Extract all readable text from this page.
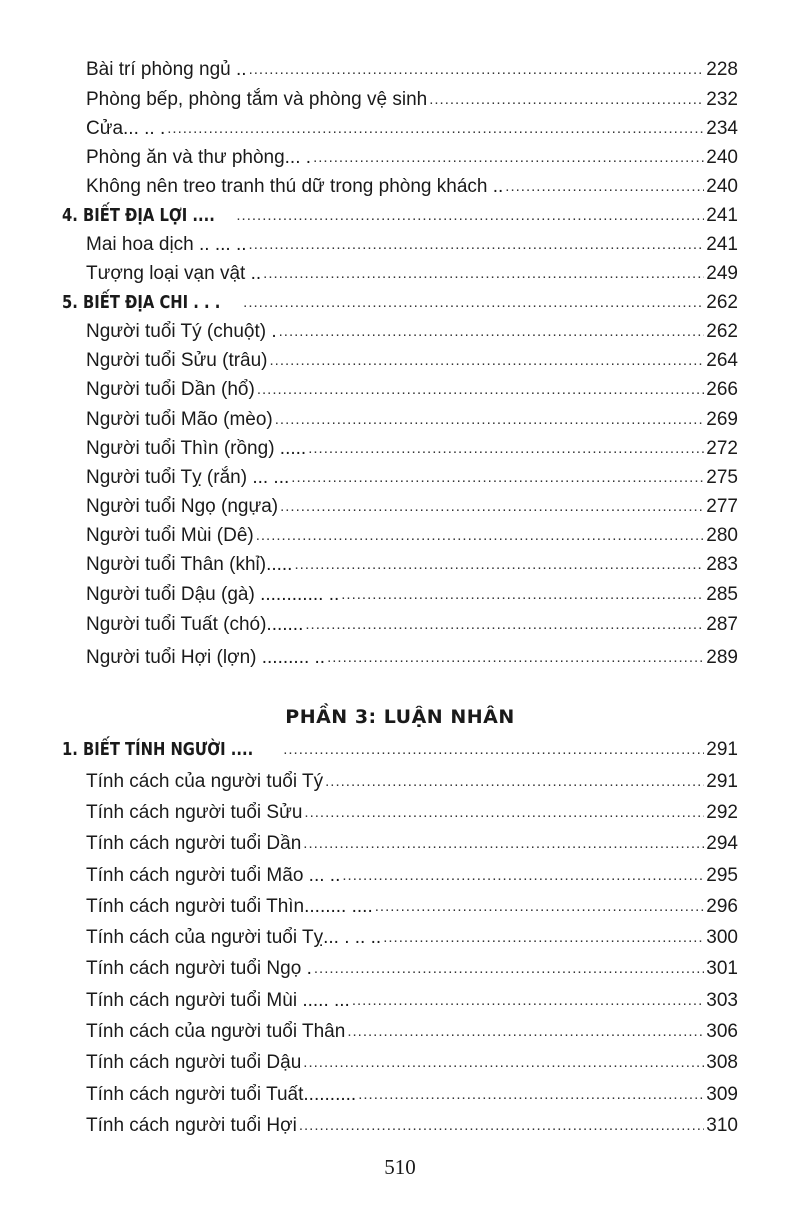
Bài trí phòng ngủ .. .....	228
Phòng bếp, phòng tắm và phòng vệ sinh .....	232
Cửa... .. . .....	234
Phòng ăn và thư phòng... . .....	240
Không nên treo tranh thú dữ trong phòng khách .. .....	240
4. BIẾT ĐỊA LỢI .... .....	241
Mai hoa dịch .. ... .. .....	241
Tượng loại vạn vật .. .....	249
5. BIẾT ĐỊA CHI . . . .....	262
Người tuổi Tý (chuột) . .....	262
Người tuổi Sửu (trâu) .....	264
Người tuổi Dần (hổ) .....	266
Người tuổi Mão (mèo) .....	269
Người tuổi Thìn (rồng) ..... .....	272
Người tuổi Tỵ (rắn) ... ... .....	275
Người tuổi Ngọ (ngựa) .....	277
Người tuổi Mùi (Dê) .....	280
Người tuổi Thân (khỉ)..... .....	283
Người tuổi Dậu (gà) ............ .. .....	285
Người tuổi Tuất (chó)....... .....	287
Người tuổi Hợi (lợn) ......... .. .....	289
PHẦN 3: LUẬN NHÂN
1. BIẾT TÍNH NGƯỜI .... .....	291
Tính cách của người tuổi Tý .....	291
Tính cách người tuổi Sửu .....	292
Tính cách người tuổi Dần .....	294
Tính cách người tuổi Mão ... .. .....	295
Tính cách người tuổi Thìn........ .... .....	296
Tính cách của người tuổi Tỵ... . .. .. .....	300
Tính cách người tuổi Ngọ . .....	301
Tính cách người tuổi Mùi ..... ... .....	303
Tính cách của người tuổi Thân .....	306
Tính cách người tuổi Dậu .....	308
Tính cách người tuổi Tuất.......... .....	309
Tính cách người tuổi Hợi .....	310
510
